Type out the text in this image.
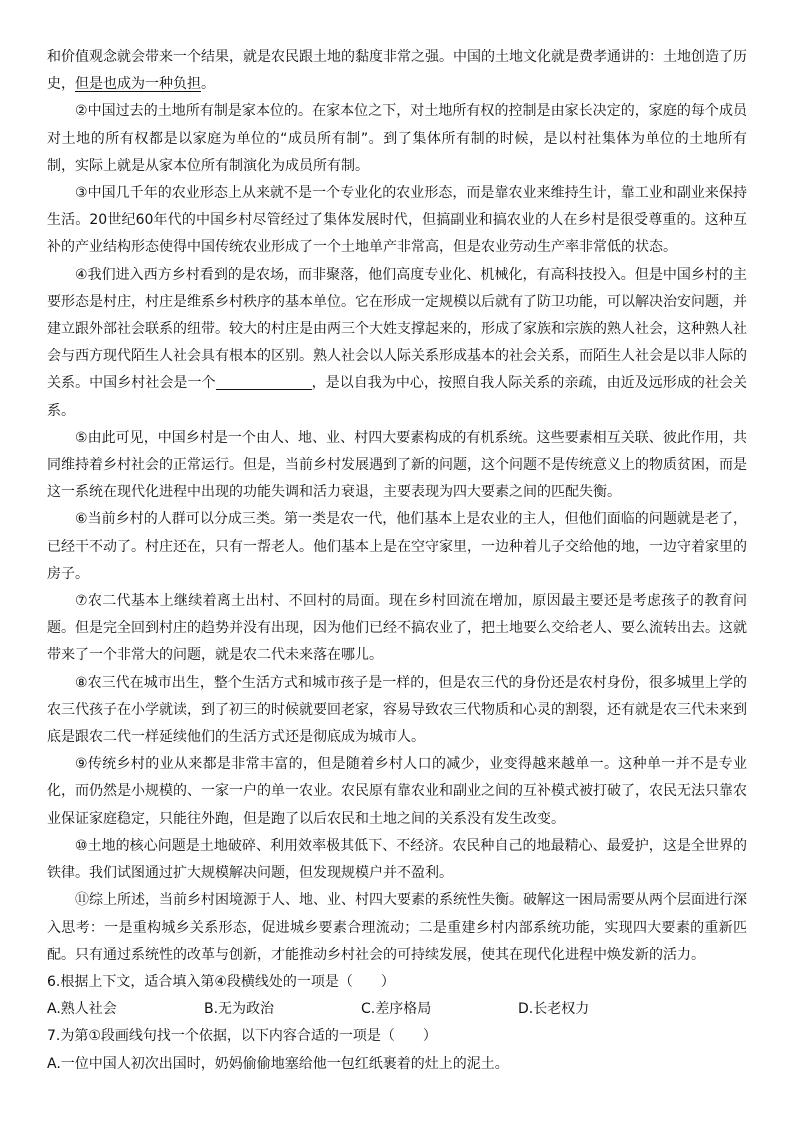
和价值观念就会带来一个结果，就是农民跟土地的黏度非常之强。中国的土地文化就是费孝通讲的：土地创造了历史，但是也成为一种负担。

②中国过去的土地所有制是家本位的。在家本位之下，对土地所有权的控制是由家长决定的，家庭的每个成员对土地的所有权都是以家庭为单位的“成员所有制”。到了集体所有制的时候，是以村社集体为单位的土地所有制，实际上就是从家本位所有制演化为成员所有制。

③中国几千年的农业形态上从来就不是一个专业化的农业形态，而是靠农业来维持生计，靠工业和副业来保持生活。20世纪60年代的中国乡村尽管经过了集体发展时代，但搞副业和搞农业的人在乡村是很受尊重的。这种互补的产业结构形态使得中国传统农业形成了一个土地单产非常高，但是农业劳动生产率非常低的状态。

④我们进入西方乡村看到的是农场，而非聚落，他们高度专业化、机械化，有高科技投入。但是中国乡村的主要形态是村庄，村庄是维系乡村秩序的基本单位。它在形成一定规模以后就有了防卫功能，可以解决治安问题，并建立跟外部社会联系的纽带。较大的村庄是由两三个大姓支撑起来的，形成了家族和宗族的熟人社会，这种熟人社会与西方现代陌生人社会具有根本的区别。熟人社会以人际关系形成基本的社会关系，而陌生人社会是以非人际的关系。中国乡村社会是一个	，是以自我为中心，按照自我人际关系的亲疏，由近及远形成的社会关系。

⑤由此可见，中国乡村是一个由人、地、业、村四大要素构成的有机系统。这些要素相互关联、彼此作用，共同维持着乡村社会的正常运行。但是，当前乡村发展遇到了新的问题，这个问题不是传统意义上的物质贫困，而是这一系统在现代化进程中出现的功能失调和活力衰退，主要表现为四大要素之间的匹配失衡。

⑥当前乡村的人群可以分成三类。第一类是农一代，他们基本上是农业的主人，但他们面临的问题就是老了，已经干不动了。村庄还在，只有一帮老人。他们基本上是在空守家里，一边种着儿子交给他的地，一边守着家里的房子。

⑦农二代基本上继续着离土出村、不回村的局面。现在乡村回流在增加，原因最主要还是考虑孩子的教育问题。但是完全回到村庄的趋势并没有出现，因为他们已经不搞农业了，把土地要么交给老人、要么流转出去。这就带来了一个非常大的问题，就是农二代未来落在哪儿。

⑧农三代在城市出生，整个生活方式和城市孩子是一样的，但是农三代的身份还是农村身份，很多城里上学的农三代孩子在小学就读，到了初三的时候就要回老家，容易导致农三代物质和心灵的割裂，还有就是农三代未来到底是跟农二代一样延续他们的生活方式还是彻底成为城市人。

⑨传统乡村的业从来都是非常丰富的，但是随着乡村人口的减少，业变得越来越单一。这种单一并不是专业化，而仍然是小规模的、一家一户的单一农业。农民原有靠农业和副业之间的互补模式被打破了，农民无法只靠农业保证家庭稳定，只能往外跑，但是跑了以后农民和土地之间的关系没有发生改变。

⑩土地的核心问题是土地破碎、利用效率极其低下、不经济。农民种自己的地最精心、最爱护，这是全世界的铁律。我们试图通过扩大规模解决问题，但发现规模户并不盈利。

⑪综上所述，当前乡村困境源于人、地、业、村四大要素的系统性失衡。破解这一困局需要从两个层面进行深入思考：一是重构城乡关系形态，促进城乡要素合理流动；二是重建乡村内部系统功能，实现四大要素的重新匹配。只有通过系统性的改革与创新，才能推动乡村社会的可持续发展，使其在现代化进程中焕发新的活力。

6.根据上下文，适合填入第④段横线处的一项是（　　）

A.熟人社会	B.无为政治	C.差序格局	D.长老权力

7.为第①段画线句找一个依据，以下内容合适的一项是（　　）

A.一位中国人初次出国时，奶妈偷偷地塞给他一包红纸裹着的灶上的泥土。
